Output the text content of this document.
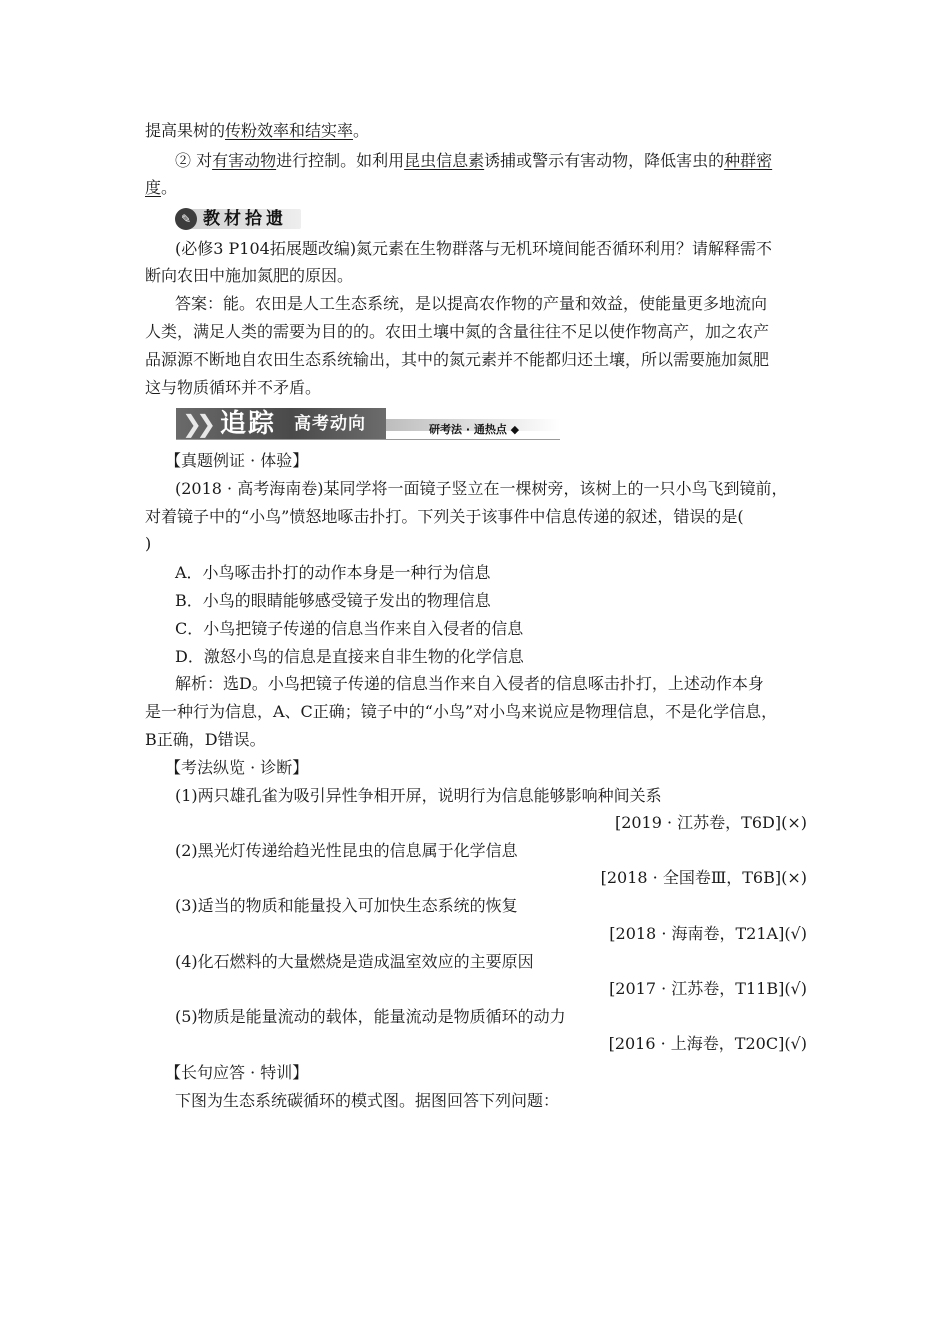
提高果树的传粉效率和结实率。
② 对有害动物进行控制。如利用昆虫信息素诱捕或警示有害动物，降低害虫的种群密
度。
✎ 教材拾遗
(必修3 P104拓展题改编)氮元素在生物群落与无机环境间能否循环利用？请解释需不
断向农田中施加氮肥的原因。
答案：能。农田是人工生态系统，是以提高农作物的产量和效益，使能量更多地流向
人类，满足人类的需要为目的的。农田土壤中氮的含量往往不足以使作物高产，加之农产
品源源不断地自农田生态系统输出，其中的氮元素并不能都归还土壤，所以需要施加氮肥
这与物质循环并不矛盾。
❯❯ 追踪 高考动向	研考法 · 通热点 ◆
【真题例证 · 体验】
(2018 · 高考海南卷)某同学将一面镜子竖立在一棵树旁，该树上的一只小鸟飞到镜前，
对着镜子中的“小鸟”愤怒地啄击扑打。下列关于该事件中信息传递的叙述，错误的是(
)
A．小鸟啄击扑打的动作本身是一种行为信息
B．小鸟的眼睛能够感受镜子发出的物理信息
C．小鸟把镜子传递的信息当作来自入侵者的信息
D．激怒小鸟的信息是直接来自非生物的化学信息
解析：选D。小鸟把镜子传递的信息当作来自入侵者的信息啄击扑打，上述动作本身
是一种行为信息，A、C正确；镜子中的“小鸟”对小鸟来说应是物理信息，不是化学信息，
B正确，D错误。
【考法纵览 · 诊断】
(1)两只雄孔雀为吸引异性争相开屏，说明行为信息能够影响种间关系
[2019 · 江苏卷，T6D](×)
(2)黑光灯传递给趋光性昆虫的信息属于化学信息
[2018 · 全国卷Ⅲ，T6B](×)
(3)适当的物质和能量投入可加快生态系统的恢复
[2018 · 海南卷，T21A](√)
(4)化石燃料的大量燃烧是造成温室效应的主要原因
[2017 · 江苏卷，T11B](√)
(5)物质是能量流动的载体，能量流动是物质循环的动力
[2016 · 上海卷，T20C](√)
【长句应答 · 特训】
下图为生态系统碳循环的模式图。据图回答下列问题：
